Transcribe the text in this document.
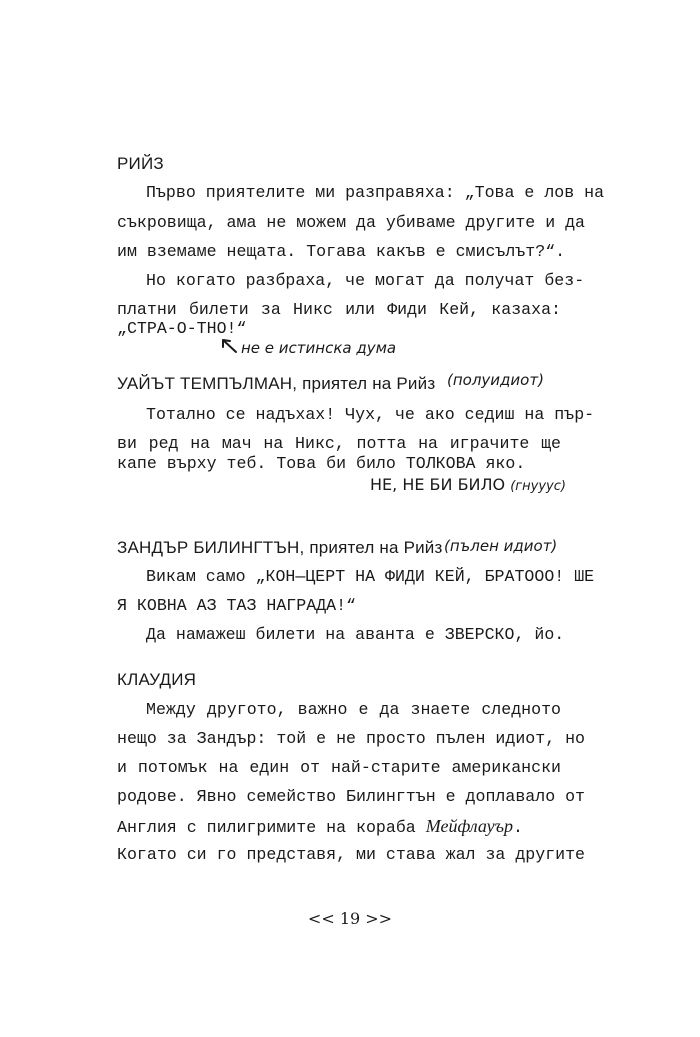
РИЙЗ
Първо приятелите ми разправяха: „Това е лов на
съкровища, ама не можем да убиваме другите и да
им вземаме нещата. Тогава какъв е смисълът?“.
Но когато разбраха, че могат да получат без-
платни билети за Никс или Фиди Кей, казаха:
„СТРА-О-ТНО!“
не е истинска дума
УАЙЪТ ТЕМПЪЛМАН, приятел на Рийз (полуидиот)
Тотално се надъхах! Чух, че ако седиш на пър-
ви ред на мач на Никс, потта на играчите ще
капе върху теб. Това би било ТОЛКОВА яко.
НЕ, НЕ БИ БИЛО (гнууус)
ЗАНДЪР БИЛИНГТЪН, приятел на Рийз (пълен идиот)
Викам само „КОН—ЦЕРТ НА ФИДИ КЕЙ, БРАТООО! ШЕ
Я КОВНА АЗ ТАЗ НАГРАДА!“
Да намажеш билети на аванта е ЗВЕРСКО, йо.
КЛАУДИЯ
Между другото, важно е да знаете следното
нещо за Зандър: той е не просто пълен идиот, но
и потомък на един от най-старите американски
родове. Явно семейство Билингтън е доплавало от
Англия с пилигримите на кораба Мейфлауър.
Когато си го представя, ми става жал за другите
<< 19 >>
